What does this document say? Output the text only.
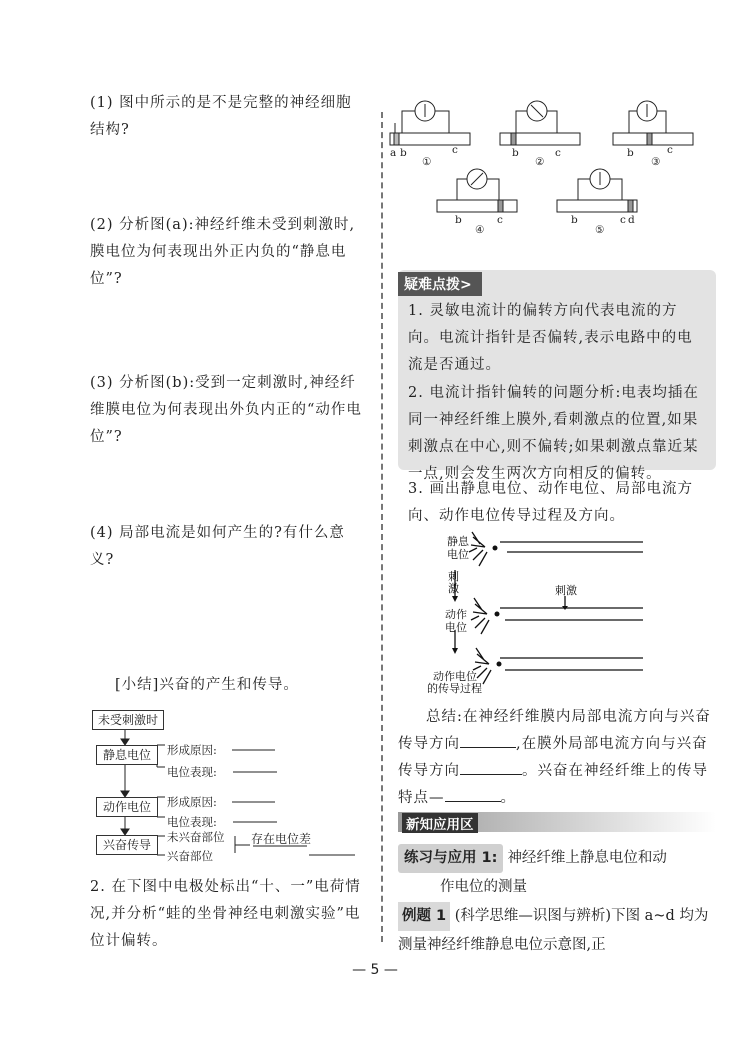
(1) 图中所示的是不是完整的神经细胞结构?
(2) 分析图(a):神经纤维未受到刺激时,膜电位为何表现出外正内负的“静息电位”?
(3) 分析图(b):受到一定刺激时,神经纤维膜电位为何表现出外负内正的“动作电位”?
(4) 局部电流是如何产生的?有什么意义?
[小结]兴奋的产生和传导。
2. 在下图中电极处标出“十、一”电荷情况,并分析“蛙的坐骨神经电刺激实验”电位计偏转。
未受刺激时
静息电位
动作电位
兴奋传导
形成原因:
电位表现:
形成原因:
电位表现:
未兴奋部位
兴奋部位
存在电位差
a b	c
①
b	c
②
b	c
③
b	c
④
b	c d
⑤
疑难点拨>
1. 灵敏电流计的偏转方向代表电流的方向。电流计指针是否偏转,表示电路中的电流是否通过。
2. 电流计指针偏转的问题分析:电表均插在同一神经纤维上膜外,看刺激点的位置,如果刺激点在中心,则不偏转;如果刺激点靠近某一点,则会发生两次方向相反的偏转。
3. 画出静息电位、动作电位、局部电流方向、动作电位传导过程及方向。
静息
电位
刺
激
动作
电位
刺激
动作电位
的传导过程
总结:在神经纤维膜内局部电流方向与兴奋传导方向	,在膜外局部电流方向与兴奋传导方向	。兴奋在神经纤维上的传导特点—	。
新知应用区
练习与应用 1: 神经纤维上静息电位和动
作电位的测量
例题 1 (科学思维—识图与辨析)下图 a~d 均为测量神经纤维静息电位示意图,正
— 5 —
